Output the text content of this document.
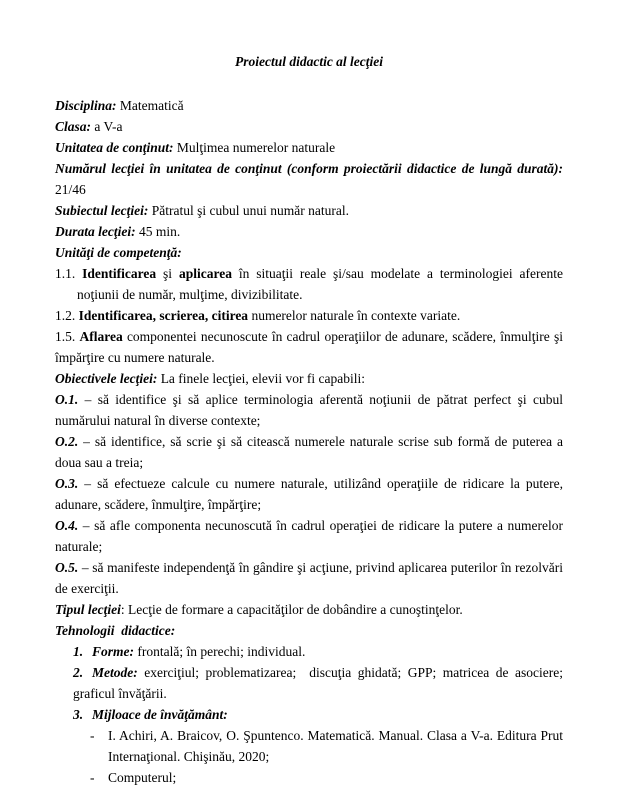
Proiectul didactic al lecţiei

Disciplina: Matematică

Clasa: a V-a

Unitatea de conţinut: Mulţimea numerelor naturale

Numărul lecţiei în unitatea de conţinut (conform proiectării didactice de lungă durată): 21/46

Subiectul lecţiei: Pătratul şi cubul unui număr natural.

Durata lecţiei: 45 min.

Unităţi de competenţă:

1.1. Identificarea şi aplicarea în situaţii reale şi/sau modelate a terminologiei aferente noţiunii de număr, mulţime, divizibilitate.

1.2. Identificarea, scrierea, citirea numerelor naturale în contexte variate.

1.5. Aflarea componentei necunoscute în cadrul operaţiilor de adunare, scădere, înmulţire şi împărţire cu numere naturale.

Obiectivele lecţiei: La finele lecţiei, elevii vor fi capabili:

O.1. – să identifice şi să aplice terminologia aferentă noţiunii de pătrat perfect şi cubul numărului natural în diverse contexte;

O.2. – să identifice, să scrie şi să citească numerele naturale scrise sub formă de puterea a doua sau a treia;

O.3. – să efectueze calcule cu numere naturale, utilizând operaţiile de ridicare la putere, adunare, scădere, înmulţire, împărţire;

O.4. – să afle componenta necunoscută în cadrul operaţiei de ridicare la putere a numerelor naturale;

O.5. – să manifeste independenţă în gândire şi acţiune, privind aplicarea puterilor în rezolvări de exerciţii.

Tipul lecţiei: Lecţie de formare a capacităţilor de dobândire a cunoştinţelor.

Tehnologii  didactice:

1. Forme: frontală; în perechi; individual.

2. Metode: exerciţiul; problematizarea;  discuţia ghidată; GPP; matricea de asociere; graficul învăţării.

3. Mijloace de învăţământ:

- I. Achiri, A. Braicov, O. Şpuntenco. Matematică. Manual. Clasa a V-a. Editura Prut Internaţional. Chişinău, 2020;

- Computerul;
